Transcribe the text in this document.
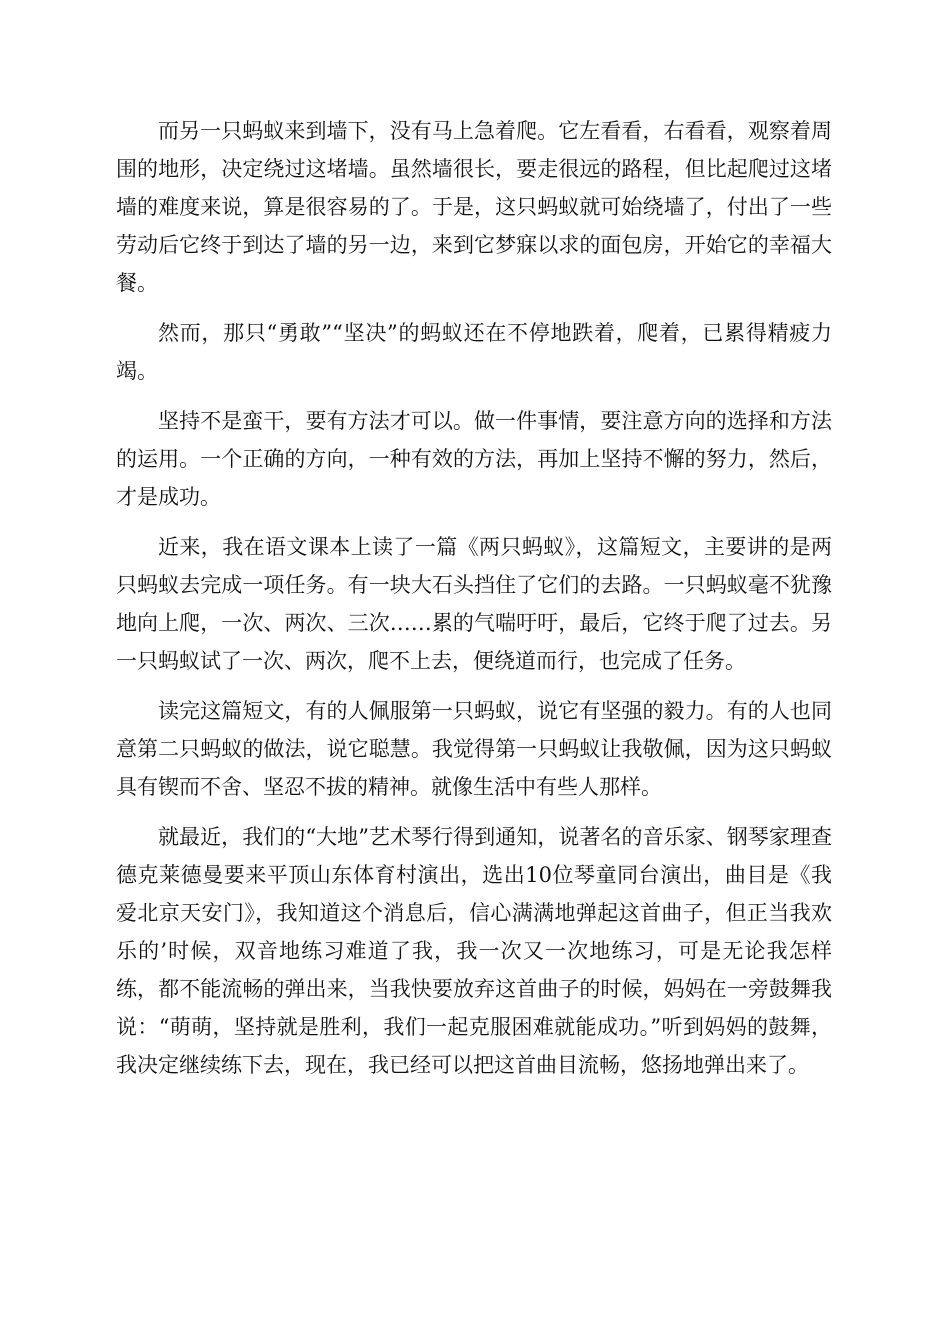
而另一只蚂蚁来到墙下，没有马上急着爬。它左看看，右看看，观察着周围的地形，决定绕过这堵墙。虽然墙很长，要走很远的路程，但比起爬过这堵墙的难度来说，算是很容易的了。于是，这只蚂蚁就可始绕墙了，付出了一些劳动后它终于到达了墙的另一边，来到它梦寐以求的面包房，开始它的幸福大餐。

然而，那只“勇敢”“坚决”的蚂蚁还在不停地跌着，爬着，已累得精疲力竭。

坚持不是蛮干，要有方法才可以。做一件事情，要注意方向的选择和方法的运用。一个正确的方向，一种有效的方法，再加上坚持不懈的努力，然后，才是成功。

近来，我在语文课本上读了一篇《两只蚂蚁》，这篇短文，主要讲的是两只蚂蚁去完成一项任务。有一块大石头挡住了它们的去路。一只蚂蚁毫不犹豫地向上爬，一次、两次、三次……累的气喘吁吁，最后，它终于爬了过去。另一只蚂蚁试了一次、两次，爬不上去，便绕道而行，也完成了任务。

读完这篇短文，有的人佩服第一只蚂蚁，说它有坚强的毅力。有的人也同意第二只蚂蚁的做法，说它聪慧。我觉得第一只蚂蚁让我敬佩，因为这只蚂蚁具有锲而不舍、坚忍不拔的精神。就像生活中有些人那样。

就最近，我们的“大地”艺术琴行得到通知，说著名的音乐家、钢琴家理查德克莱德曼要来平顶山东体育村演出，选出10位琴童同台演出，曲目是《我爱北京天安门》，我知道这个消息后，信心满满地弹起这首曲子，但正当我欢乐的’时候，双音地练习难道了我，我一次又一次地练习，可是无论我怎样练，都不能流畅的弹出来，当我快要放弃这首曲子的时候，妈妈在一旁鼓舞我说：“萌萌，坚持就是胜利，我们一起克服困难就能成功。”听到妈妈的鼓舞，我决定继续练下去，现在，我已经可以把这首曲目流畅，悠扬地弹出来了。
